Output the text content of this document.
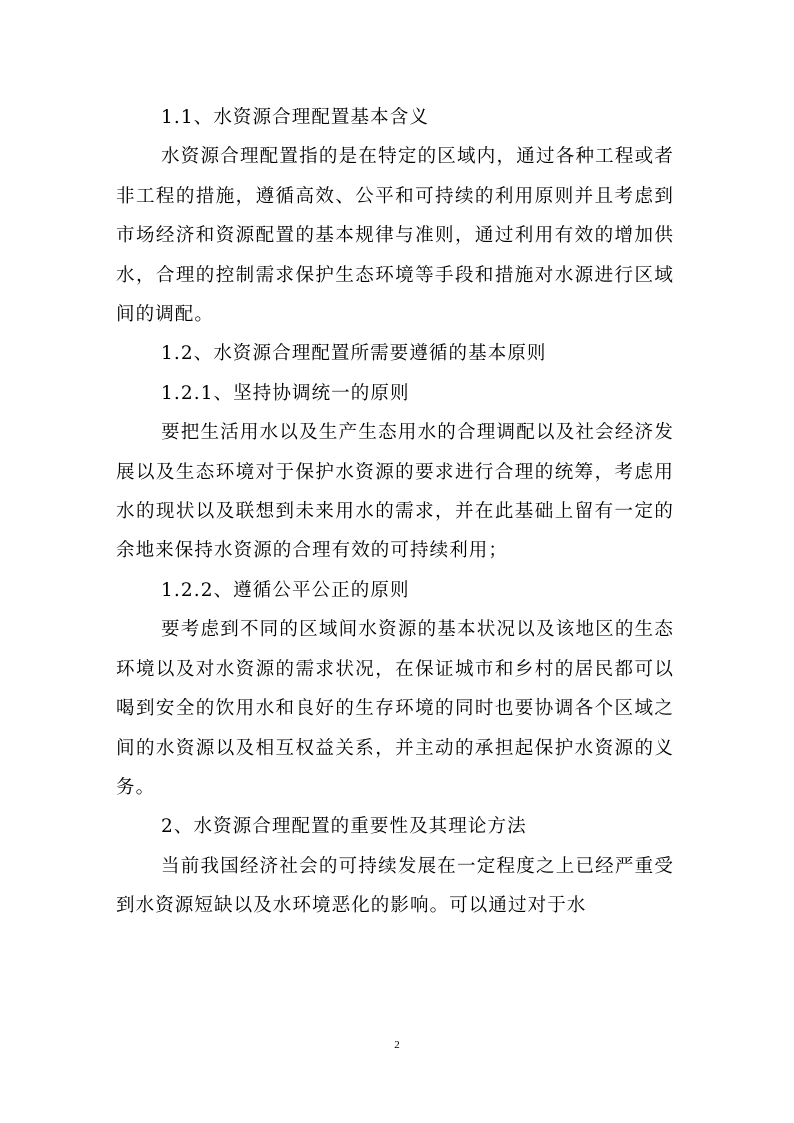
1.1、水资源合理配置基本含义

水资源合理配置指的是在特定的区域内，通过各种工程或者非工程的措施，遵循高效、公平和可持续的利用原则并且考虑到市场经济和资源配置的基本规律与准则，通过利用有效的增加供水，合理的控制需求保护生态环境等手段和措施对水源进行区域间的调配。

1.2、水资源合理配置所需要遵循的基本原则

1.2.1、坚持协调统一的原则

要把生活用水以及生产生态用水的合理调配以及社会经济发展以及生态环境对于保护水资源的要求进行合理的统筹，考虑用水的现状以及联想到未来用水的需求，并在此基础上留有一定的余地来保持水资源的合理有效的可持续利用；

1.2.2、遵循公平公正的原则

要考虑到不同的区域间水资源的基本状况以及该地区的生态环境以及对水资源的需求状况，在保证城市和乡村的居民都可以喝到安全的饮用水和良好的生存环境的同时也要协调各个区域之间的水资源以及相互权益关系，并主动的承担起保护水资源的义务。

2、水资源合理配置的重要性及其理论方法

当前我国经济社会的可持续发展在一定程度之上已经严重受到水资源短缺以及水环境恶化的影响。可以通过对于水

2
